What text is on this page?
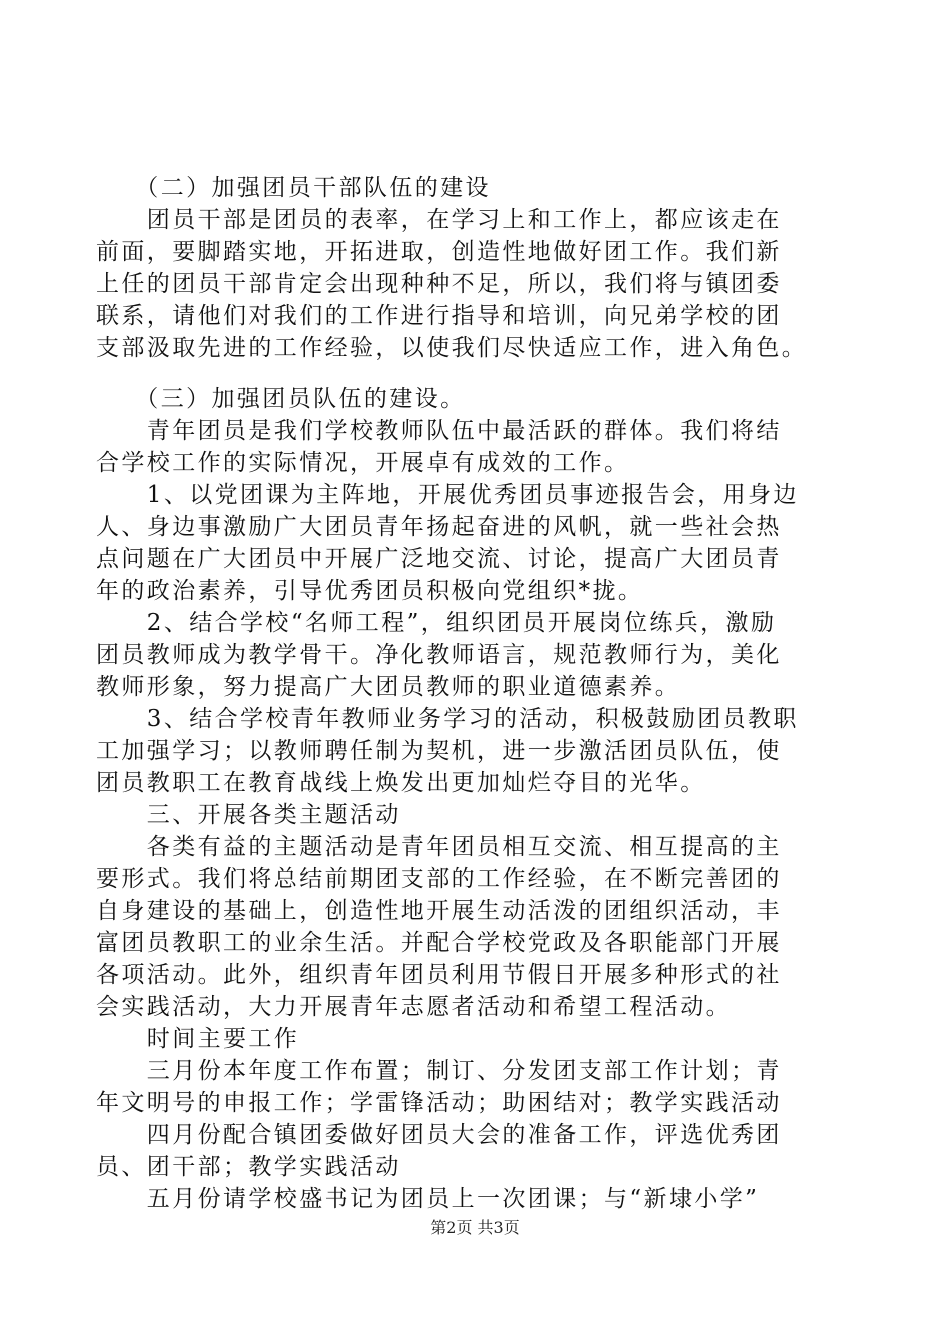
　　（二）加强团员干部队伍的建设
　　团员干部是团员的表率，在学习上和工作上，都应该走在
前面，要脚踏实地，开拓进取，创造性地做好团工作。我们新
上任的团员干部肯定会出现种种不足，所以，我们将与镇团委
联系，请他们对我们的工作进行指导和培训，向兄弟学校的团
支部汲取先进的工作经验，以使我们尽快适应工作，进入角色。
　　（三）加强团员队伍的建设。
　　青年团员是我们学校教师队伍中最活跃的群体。我们将结
合学校工作的实际情况，开展卓有成效的工作。
　　1、以党团课为主阵地，开展优秀团员事迹报告会，用身边
人、身边事激励广大团员青年扬起奋进的风帆，就一些社会热
点问题在广大团员中开展广泛地交流、讨论，提高广大团员青
年的政治素养，引导优秀团员积极向党组织*拢。
　　2、结合学校“名师工程”，组织团员开展岗位练兵，激励
团员教师成为教学骨干。净化教师语言，规范教师行为，美化
教师形象，努力提高广大团员教师的职业道德素养。
　　3、结合学校青年教师业务学习的活动，积极鼓励团员教职
工加强学习；以教师聘任制为契机，进一步激活团员队伍，使
团员教职工在教育战线上焕发出更加灿烂夺目的光华。
　　三、开展各类主题活动
　　各类有益的主题活动是青年团员相互交流、相互提高的主
要形式。我们将总结前期团支部的工作经验，在不断完善团的
自身建设的基础上，创造性地开展生动活泼的团组织活动，丰
富团员教职工的业余生活。并配合学校党政及各职能部门开展
各项活动。此外，组织青年团员利用节假日开展多种形式的社
会实践活动，大力开展青年志愿者活动和希望工程活动。
　　时间主要工作
　　三月份本年度工作布置；制订、分发团支部工作计划；青
年文明号的申报工作；学雷锋活动；助困结对；教学实践活动
　　四月份配合镇团委做好团员大会的准备工作，评选优秀团
员、团干部；教学实践活动
　　五月份请学校盛书记为团员上一次团课；与“新埭小学”
第2页 共3页
